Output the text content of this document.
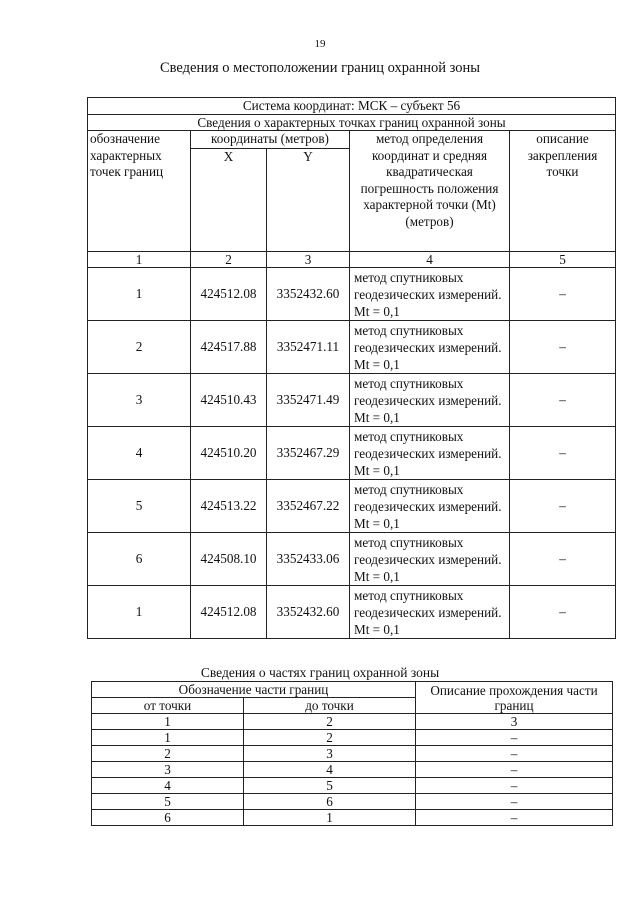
19
Сведения о местоположении границ охранной зоны
Система координат: МСК – субъект 56				
Сведения о характерных точках границ охранной зоны				
обозначение характерных точек границ	координаты (метров)		метод определения координат и средняя квадратическая погрешность положения характерной точки (Mt) (метров)	описание закрепления точки
	X	Y		
1	2	3	4	5
1	424512.08	3352432.60	метод спутниковых геодезических измерений. Mt = 0,1	–
2	424517.88	3352471.11	метод спутниковых геодезических измерений. Mt = 0,1	–
3	424510.43	3352471.49	метод спутниковых геодезических измерений. Mt = 0,1	–
4	424510.20	3352467.29	метод спутниковых геодезических измерений. Mt = 0,1	–
5	424513.22	3352467.22	метод спутниковых геодезических измерений. Mt = 0,1	–
6	424508.10	3352433.06	метод спутниковых геодезических измерений. Mt = 0,1	–
1	424512.08	3352432.60	метод спутниковых геодезических измерений. Mt = 0,1	–
Сведения о частях границ охранной зоны
Обозначение части границ		Описание прохождения части границ
от точки	до точки	
1	2	3
1	2	–
2	3	–
3	4	–
4	5	–
5	6	–
6	1	–
